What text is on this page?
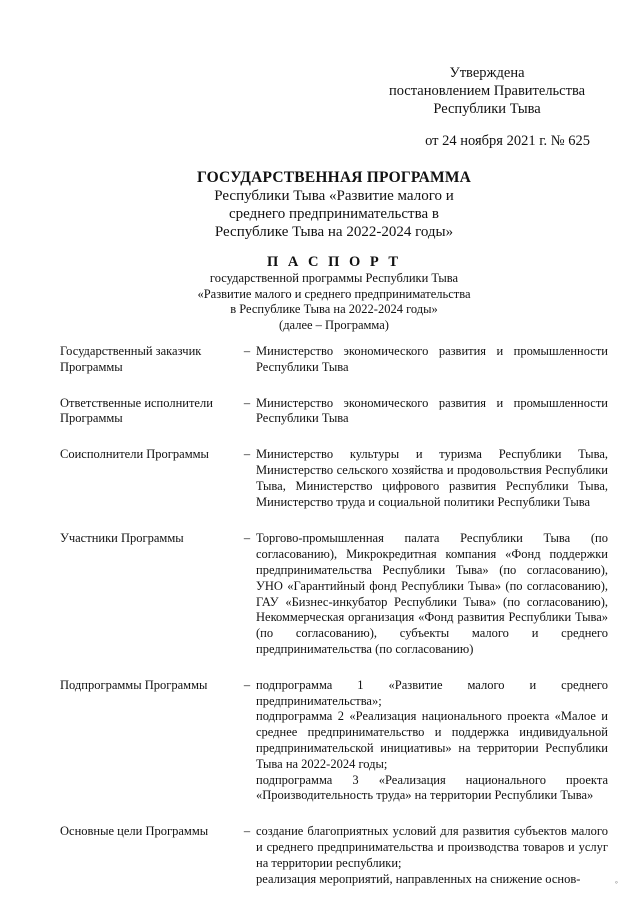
Утверждена
постановлением Правительства
Республики Тыва
от 24 ноября 2021 г. № 625
ГОСУДАРСТВЕННАЯ ПРОГРАММА
Республики Тыва «Развитие малого и
среднего предпринимательства в
Республике Тыва на 2022-2024 годы»
П А С П О Р Т
государственной программы Республики Тыва
«Развитие малого и среднего предпринимательства
в Республике Тыва на 2022-2024 годы»
(далее – Программа)
Государственный заказчик Программы
– Министерство экономического развития и промышленности Республики Тыва
Ответственные исполнители Программы
– Министерство экономического развития и промышленности Республики Тыва
Соисполнители Программы	– Министерство культуры и туризма Республики Тыва, Министерство сельского хозяйства и продовольствия Республики Тыва, Министерство цифрового развития Республики Тыва, Министерство труда и социальной политики Республики Тыва
Участники Программы	– Торгово-промышленная палата Республики Тыва (по согласованию), Микрокредитная компания «Фонд поддержки предпринимательства Республики Тыва» (по согласованию), УНО «Гарантийный фонд Республики Тыва» (по согласованию), ГАУ «Бизнес-инкубатор Республики Тыва» (по согласованию), Некоммерческая организация «Фонд развития Республики Тыва» (по согласованию), субъекты малого и среднего предпринимательства (по согласованию)
Подпрограммы Программы	– подпрограмма 1 «Развитие малого и среднего предпринимательства»;
подпрограмма 2 «Реализация национального проекта «Малое и среднее предпринимательство и поддержка индивидуальной предпринимательской инициативы» на территории Республики Тыва на 2022-2024 годы;
подпрограмма 3 «Реализация национального проекта «Производительность труда» на территории Республики Тыва»
Основные цели Программы	– создание благоприятных условий для развития субъектов малого и среднего предпринимательства и производства товаров и услуг на территории республики;
реализация мероприятий, направленных на снижение основ-	◦
